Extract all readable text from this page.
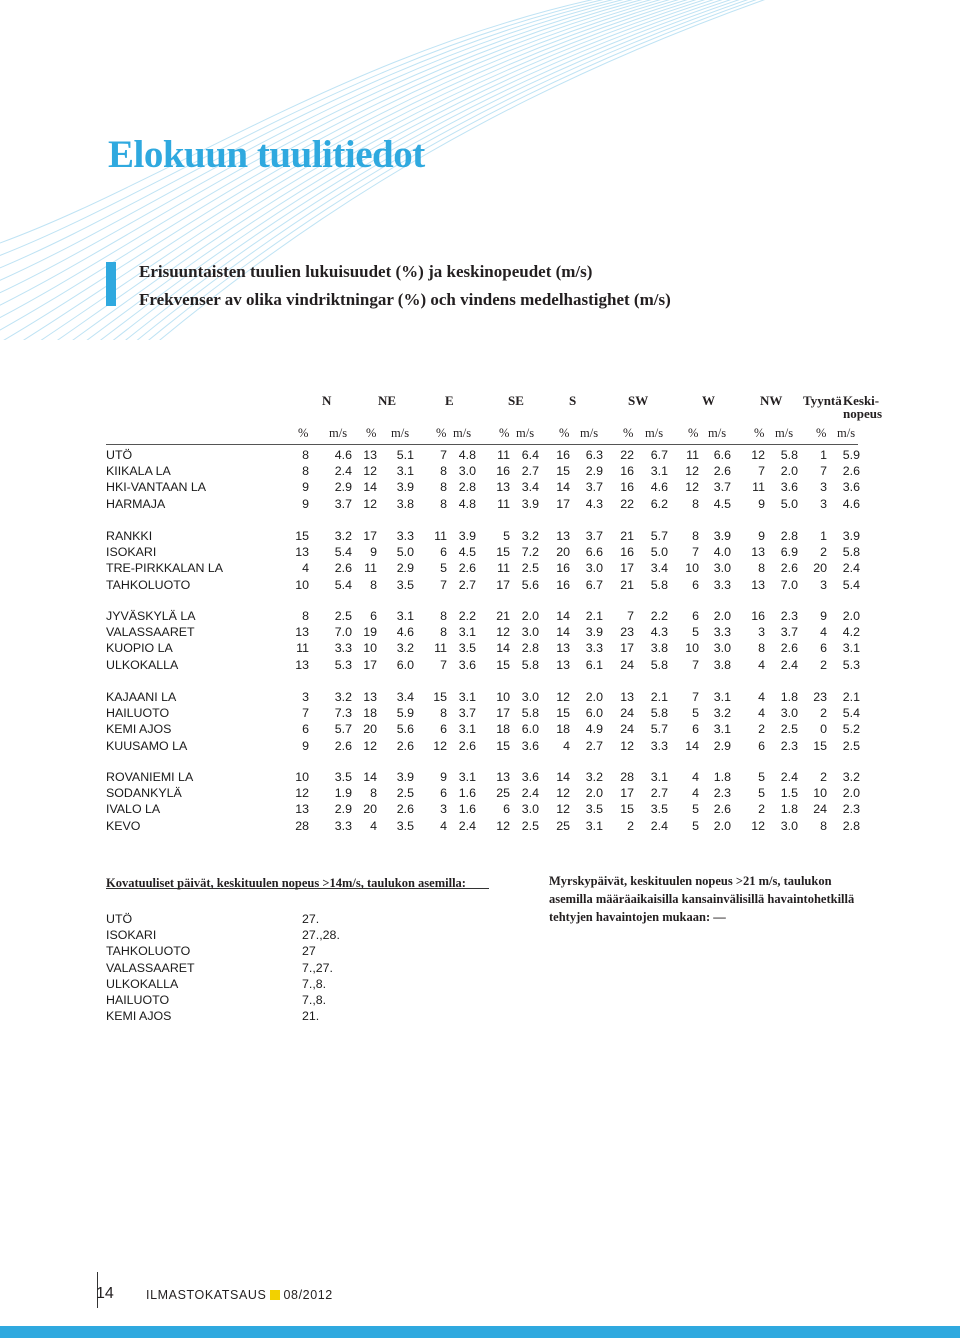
Elokuun tuulitiedot

Erisuuntaisten tuulien lukuisuudet (%) ja keskinopeudet (m/s)

Frekvenser av olika vindriktningar (%) och vindens medelhastighet (m/s)

N	NE	E	SE	S	SW	W	NW Tyyntä Keski-
nopeus
% m/s % m/s % m/s % m/s % m/s % m/s % m/s % m/s % m/s
UTÖ	8 4.6 13 5.1 7 4.8 11 6.4 16 6.3 22 6.7 11 6.6 12 5.8 1 5.9
KIIKALA LA	8 2.4 12 3.1 8 3.0 16 2.7 15 2.9 16 3.1 12 2.6 7 2.0 7 2.6
HKI-VANTAAN LA	9 2.9 14 3.9 8 2.8 13 3.4 14 3.7 16 4.6 12 3.7 11 3.6 3 3.6
HARMAJA	9 3.7 12 3.8 8 4.8 11 3.9 17 4.3 22 6.2 8 4.5 9 5.0 3 4.6
RANKKI	15 3.2 17 3.3 11 3.9 5 3.2 13 3.7 21 5.7 8 3.9 9 2.8 1 3.9
ISOKARI	13 5.4 9 5.0 6 4.5 15 7.2 20 6.6 16 5.0 7 4.0 13 6.9 2 5.8
TRE-PIRKKALAN LA	4 2.6 11 2.9 5 2.6 11 2.5 16 3.0 17 3.4 10 3.0 8 2.6 20 2.4
TAHKOLUOTO	10 5.4 8 3.5 7 2.7 17 5.6 16 6.7 21 5.8 6 3.3 13 7.0 3 5.4
JYVÄSKYLÄ LA	8 2.5 6 3.1 8 2.2 21 2.0 14 2.1 7 2.2 6 2.0 16 2.3 9 2.0
VALASSAARET	13 7.0 19 4.6 8 3.1 12 3.0 14 3.9 23 4.3 5 3.3 3 3.7 4 4.2
KUOPIO LA	11 3.3 10 3.2 11 3.5 14 2.8 13 3.3 17 3.8 10 3.0 8 2.6 6 3.1
ULKOKALLA	13 5.3 17 6.0 7 3.6 15 5.8 13 6.1 24 5.8 7 3.8 4 2.4 2 5.3
KAJAANI LA	3 3.2 13 3.4 15 3.1 10 3.0 12 2.0 13 2.1 7 3.1 4 1.8 23 2.1
HAILUOTO	7 7.3 18 5.9 8 3.7 17 5.8 15 6.0 24 5.8 5 3.2 4 3.0 2 5.4
KEMI AJOS	6 5.7 20 5.6 6 3.1 18 6.0 18 4.9 24 5.7 6 3.1 2 2.5 0 5.2
KUUSAMO LA	9 2.6 12 2.6 12 2.6 15 3.6 4 2.7 12 3.3 14 2.9 6 2.3 15 2.5
ROVANIEMI LA	10 3.5 14 3.9 9 3.1 13 3.6 14 3.2 28 3.1 4 1.8 5 2.4 2 3.2
SODANKYLÄ	12 1.9 8 2.5 6 1.6 25 2.4 12 2.0 17 2.7 4 2.3 5 1.5 10 2.0
IVALO LA	13 2.9 20 2.6 3 1.6 6 3.0 12 3.5 15 3.5 5 2.6 2 1.8 24 2.3
KEVO	28 3.3 4 3.5 4 2.4 12 2.5 25 3.1 2 2.4 5 2.0 12 3.0 8 2.8

Kovatuuliset päivät, keskituulen nopeus >14m/s, taulukon asemilla:

UTÖ	27.
ISOKARI	27.,28.
TAHKOLUOTO	27
VALASSAARET	7.,27.
ULKOKALLA	7.,8.
HAILUOTO	7.,8.
KEMI AJOS	21.

Myrskypäivät, keskituulen nopeus >21 m/s, taulukon

asemilla määräaikaisilla kansainvälisillä havaintohetkillä

tehtyjen havaintojen mukaan: —

14	ILMASTOKATSAUS 08/2012
